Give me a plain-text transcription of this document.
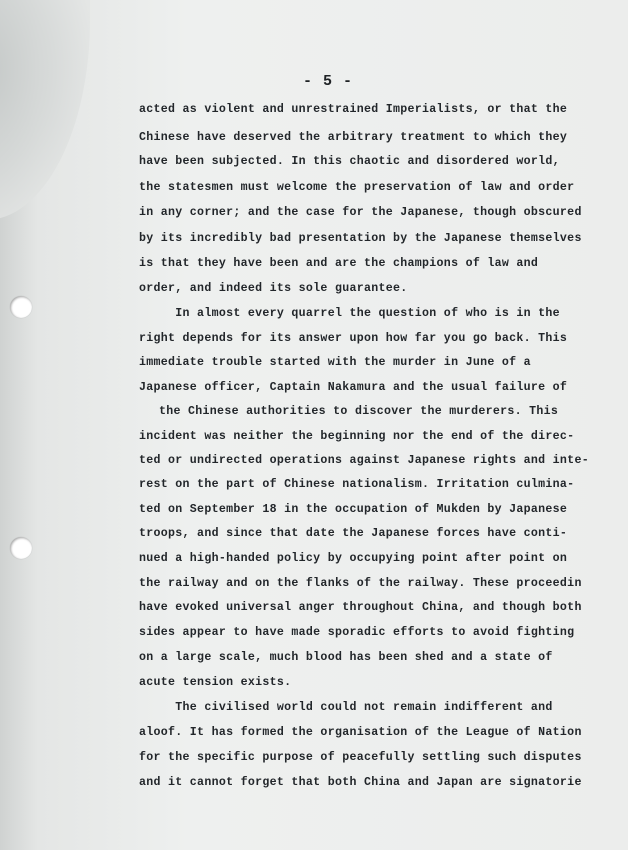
- 5 -
acted as violent and unrestrained Imperialists, or that the
Chinese have deserved the arbitrary treatment to which they
have been subjected. In this chaotic and disordered world,
the statesmen must welcome the preservation of law and order
in any corner; and the case for the Japanese, though obscured
by its incredibly bad presentation by the Japanese themselves
is that they have been and are the champions of law and
order, and indeed its sole guarantee.
In almost every quarrel the question of who is in the
right depends for its answer upon how far you go back. This
immediate trouble started with the murder in June of a
Japanese officer, Captain Nakamura and the usual failure of
the Chinese authorities to discover the murderers. This
incident was neither the beginning nor the end of the direc-
ted or undirected operations against Japanese rights and inte-
rest on the part of Chinese nationalism. Irritation culmina-
ted on September 18 in the occupation of Mukden by Japanese
troops, and since that date the Japanese forces have conti-
nued a high-handed policy by occupying point after point on
the railway and on the flanks of the railway. These proceedin
have evoked universal anger throughout China, and though both
sides appear to have made sporadic efforts to avoid fighting
on a large scale, much blood has been shed and a state of
acute tension exists.
The civilised world could not remain indifferent and
aloof. It has formed the organisation of the League of Nation
for the specific purpose of peacefully settling such disputes
and it cannot forget that both China and Japan are signatorie
